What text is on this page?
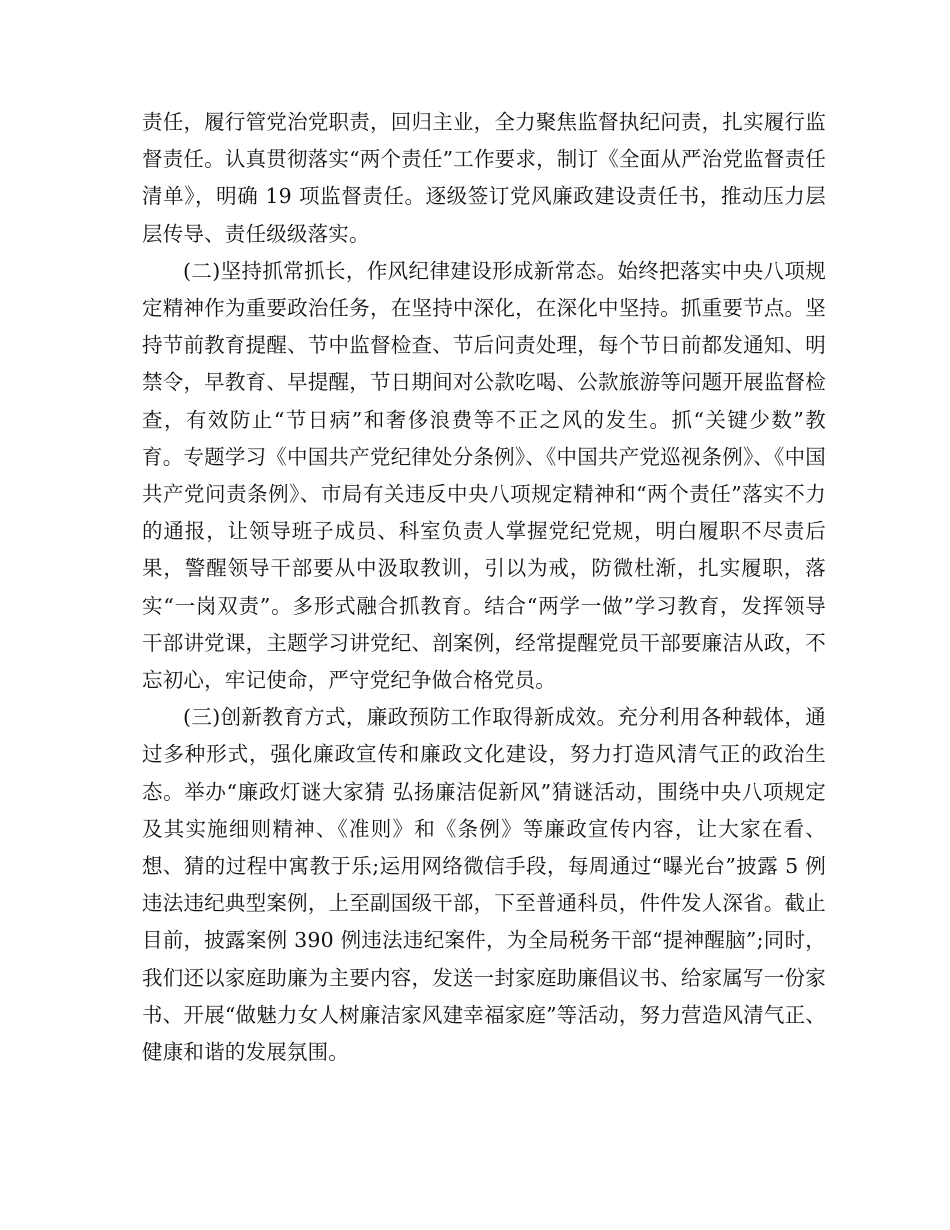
责任，履行管党治党职责，回归主业，全力聚焦监督执纪问责，扎实履行监督责任。认真贯彻落实“两个责任”工作要求，制订《全面从严治党监督责任清单》，明确 19 项监督责任。逐级签订党风廉政建设责任书，推动压力层层传导、责任级级落实。

(二)坚持抓常抓长，作风纪律建设形成新常态。始终把落实中央八项规定精神作为重要政治任务，在坚持中深化，在深化中坚持。抓重要节点。坚持节前教育提醒、节中监督检查、节后问责处理，每个节日前都发通知、明禁令，早教育、早提醒，节日期间对公款吃喝、公款旅游等问题开展监督检查，有效防止“节日病”和奢侈浪费等不正之风的发生。抓“关键少数”教育。专题学习《中国共产党纪律处分条例》、《中国共产党巡视条例》、《中国共产党问责条例》、市局有关违反中央八项规定精神和“两个责任”落实不力的通报，让领导班子成员、科室负责人掌握党纪党规，明白履职不尽责后果，警醒领导干部要从中汲取教训，引以为戒，防微杜渐，扎实履职，落实“一岗双责”。多形式融合抓教育。结合“两学一做”学习教育，发挥领导干部讲党课，主题学习讲党纪、剖案例，经常提醒党员干部要廉洁从政，不忘初心，牢记使命，严守党纪争做合格党员。

(三)创新教育方式，廉政预防工作取得新成效。充分利用各种载体，通过多种形式，强化廉政宣传和廉政文化建设，努力打造风清气正的政治生态。举办“廉政灯谜大家猜 弘扬廉洁促新风”猜谜活动，围绕中央八项规定及其实施细则精神、《准则》和《条例》等廉政宣传内容，让大家在看、想、猜的过程中寓教于乐;运用网络微信手段，每周通过“曝光台”披露 5 例违法违纪典型案例，上至副国级干部，下至普通科员，件件发人深省。截止目前，披露案例 390 例违法违纪案件，为全局税务干部“提神醒脑”;同时，我们还以家庭助廉为主要内容，发送一封家庭助廉倡议书、给家属写一份家书、开展“做魅力女人树廉洁家风建幸福家庭”等活动，努力营造风清气正、健康和谐的发展氛围。
